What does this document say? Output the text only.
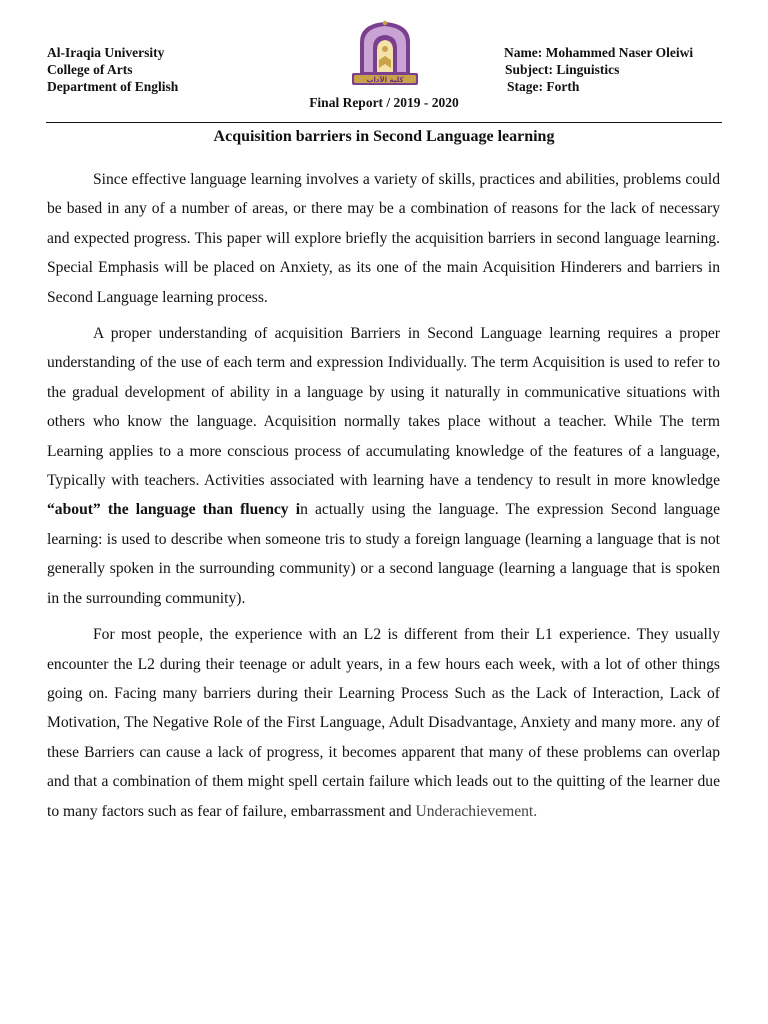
Al-Iraqia University
College of Arts
Department of English	كلية الآداب
Name: Mohammed Naser Oleiwi
Subject: Linguistics
Stage: Forth
Final Report / 2019 - 2020
Acquisition barriers in Second Language learning

Since effective language learning involves a variety of skills, practices and abilities, problems could be based in any of a number of areas, or there may be a combination of reasons for the lack of necessary and expected progress. This paper will explore briefly the acquisition barriers in second language learning. Special Emphasis will be placed on Anxiety, as its one of the main Acquisition Hinderers and barriers in Second Language learning process.

A proper understanding of acquisition Barriers in Second Language learning requires a proper understanding of the use of each term and expression Individually. The term Acquisition is used to refer to the gradual development of ability in a language by using it naturally in communicative situations with others who know the language. Acquisition normally takes place without a teacher. While The term Learning applies to a more conscious process of accumulating knowledge of the features of a language, Typically with teachers. Activities associated with learning have a tendency to result in more knowledge “about” the language than fluency in actually using the language. The expression Second language learning: is used to describe when someone tris to study a foreign language (learning a language that is not generally spoken in the surrounding community) or a second language (learning a language that is spoken in the surrounding community).

For most people, the experience with an L2 is different from their L1 experience. They usually encounter the L2 during their teenage or adult years, in a few hours each week, with a lot of other things going on. Facing many barriers during their Learning Process Such as the Lack of Interaction, Lack of Motivation, The Negative Role of the First Language, Adult Disadvantage, Anxiety and many more. any of these Barriers can cause a lack of progress, it becomes apparent that many of these problems can overlap and that a combination of them might spell certain failure which leads out to the quitting of the learner due to many factors such as fear of failure, embarrassment and Underachievement.
